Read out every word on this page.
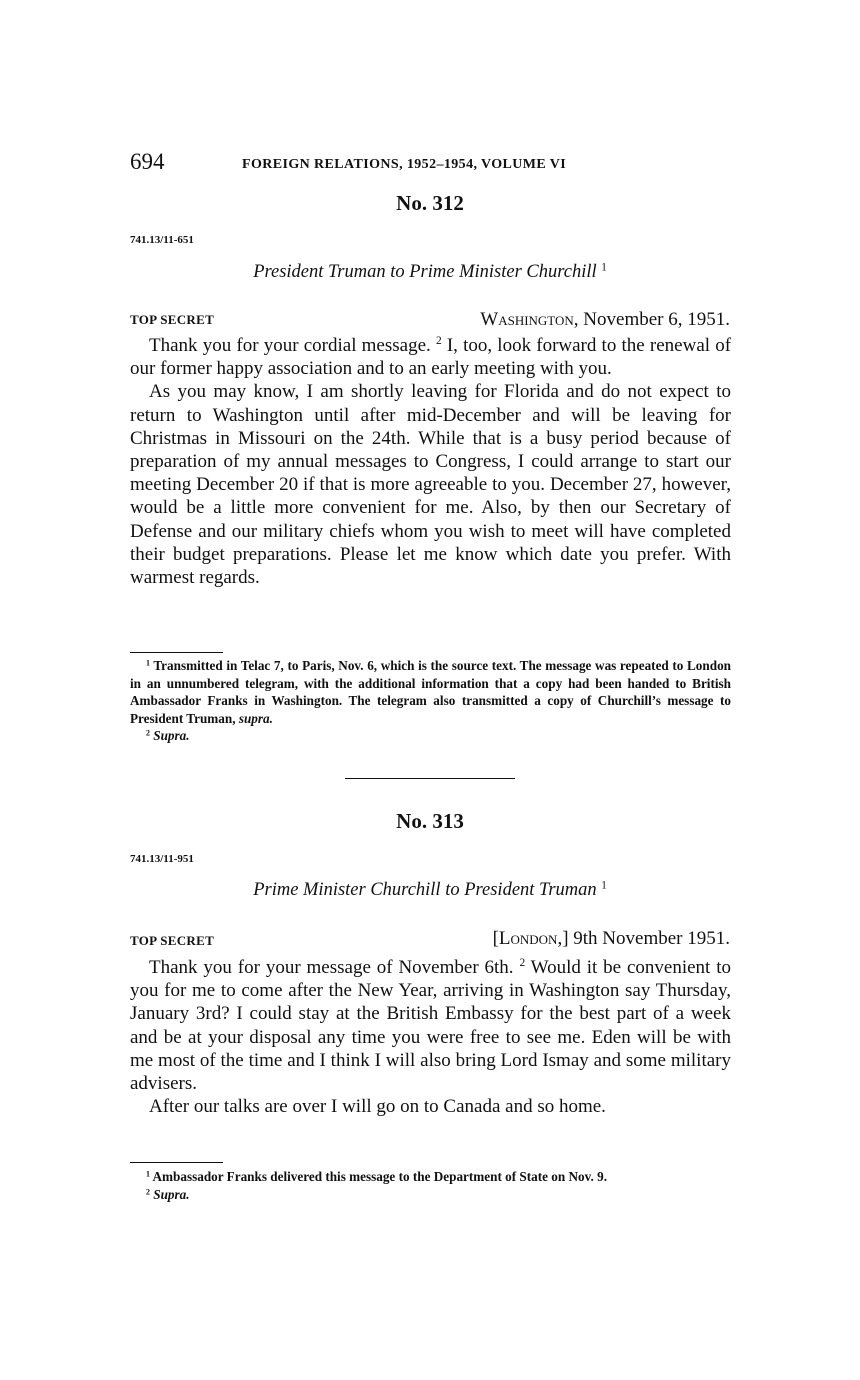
694	FOREIGN RELATIONS, 1952–1954, VOLUME VI
No. 312
741.13/11-651
President Truman to Prime Minister Churchill $^1$
TOP SECRET	Washington, November 6, 1951.

Thank you for your cordial message. $^2$ I, too, look forward to the renewal of our former happy association and to an early meeting with you.

As you may know, I am shortly leaving for Florida and do not expect to return to Washington until after mid-December and will be leaving for Christmas in Missouri on the 24th. While that is a busy period because of preparation of my annual messages to Congress, I could arrange to start our meeting December 20 if that is more agreeable to you. December 27, however, would be a little more convenient for me. Also, by then our Secretary of Defense and our military chiefs whom you wish to meet will have completed their budget preparations. Please let me know which date you prefer. With warmest regards.

$^1$ Transmitted in Telac 7, to Paris, Nov. 6, which is the source text. The message was repeated to London in an unnumbered telegram, with the additional information that a copy had been handed to British Ambassador Franks in Washington. The telegram also transmitted a copy of Churchill’s message to President Truman, supra.

$^2$ Supra.

No. 313
741.13/11-951
Prime Minister Churchill to President Truman $^1$
TOP SECRET	[London,] 9th November 1951.

Thank you for your message of November 6th. $^2$ Would it be convenient to you for me to come after the New Year, arriving in Washington say Thursday, January 3rd? I could stay at the British Embassy for the best part of a week and be at your disposal any time you were free to see me. Eden will be with me most of the time and I think I will also bring Lord Ismay and some military advisers.

After our talks are over I will go on to Canada and so home.

$^1$ Ambassador Franks delivered this message to the Department of State on Nov. 9.

$^2$ Supra.
